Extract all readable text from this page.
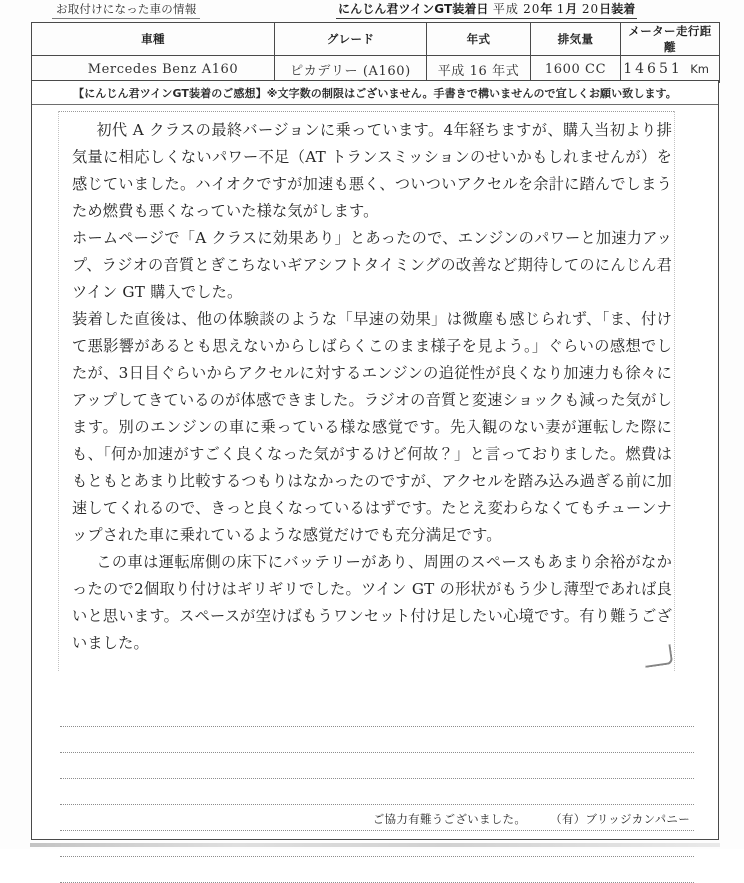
お取付けになった車の情報	にんじん君ツインGT装着日 平成 20年 1月 20日装着
車種	グレード	年式	排気量	メーター走行距離
Mercedes Benz A160	ピカデリー (A160)	平成 16 年式	1600 CC	14651 Km
【にんじん君ツインGT装着のご感想】※文字数の制限はございません。手書きで構いませんので宜しくお願い致します。

初代 A クラスの最終バージョンに乗っています。4年経ちますが、購入当初より排気量に相応しくないパワー不足（AT トランスミッションのせいかもしれませんが）を感じていました。ハイオクですが加速も悪く、ついついアクセルを余計に踏んでしまうため燃費も悪くなっていた様な気がします。

ホームページで「A クラスに効果あり」とあったので、エンジンのパワーと加速力アップ、ラジオの音質とぎこちないギアシフトタイミングの改善など期待してのにんじん君ツイン GT 購入でした。

装着した直後は、他の体験談のような「早速の効果」は微塵も感じられず、「ま、付けて悪影響があるとも思えないからしばらくこのまま様子を見よう。」ぐらいの感想でしたが、3日目ぐらいからアクセルに対するエンジンの追従性が良くなり加速力も徐々にアップしてきているのが体感できました。ラジオの音質と変速ショックも減った気がします。別のエンジンの車に乗っている様な感覚です。先入観のない妻が運転した際にも、「何か加速がすごく良くなった気がするけど何故？」と言っておりました。燃費はもともとあまり比較するつもりはなかったのですが、アクセルを踏み込み過ぎる前に加速してくれるので、きっと良くなっているはずです。たとえ変わらなくてもチューンナップされた車に乗れているような感覚だけでも充分満足です。

この車は運転席側の床下にバッテリーがあり、周囲のスペースもあまり余裕がなかったので2個取り付けはギリギリでした。ツイン GT の形状がもう少し薄型であれば良いと思います。スペースが空けばもうワンセット付け足したい心境です。有り難うございました。

ご協力有難うございました。 （有）ブリッジカンパニー
